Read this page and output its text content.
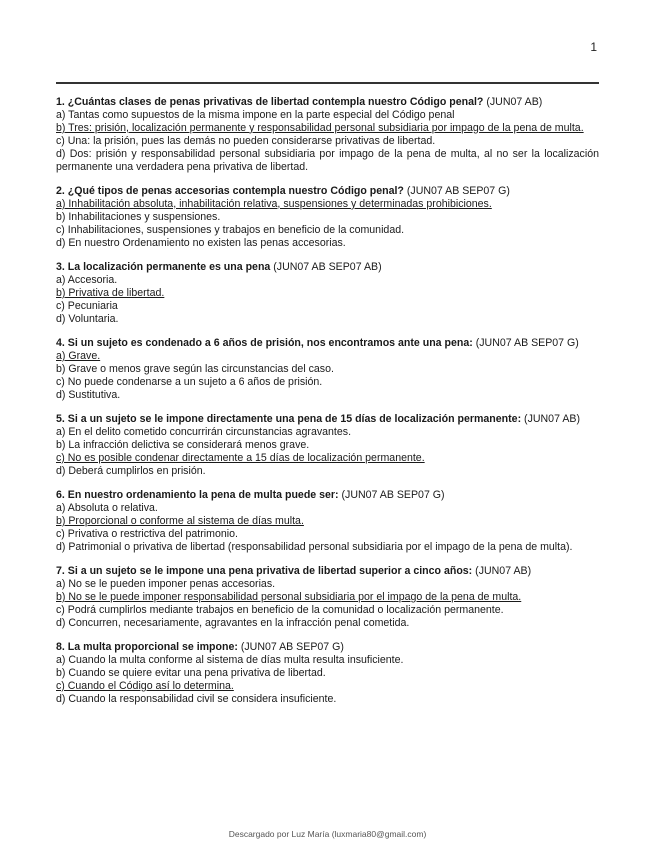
1
1. ¿Cuántas clases de penas privativas de libertad contempla nuestro Código penal? (JUN07 AB)
a) Tantas como supuestos de la misma impone en la parte especial del Código penal
b) Tres: prisión, localización permanente y responsabilidad personal subsidiaria por impago de la pena de multa.
c) Una: la prisión, pues las demás no pueden considerarse privativas de libertad.
d) Dos: prisión y responsabilidad personal subsidiaria por impago de la pena de multa, al no ser la localización permanente una verdadera pena privativa de libertad.
2. ¿Qué tipos de penas accesorias contempla nuestro Código penal? (JUN07 AB SEP07 G)
a) Inhabilitación absoluta, inhabilitación relativa, suspensiones y determinadas prohibiciones.
b) Inhabilitaciones y suspensiones.
c) Inhabilitaciones, suspensiones y trabajos en beneficio de la comunidad.
d) En nuestro Ordenamiento no existen las penas accesorias.
3. La localización permanente es una pena (JUN07 AB SEP07 AB)
a) Accesoria.
b) Privativa de libertad.
c) Pecuniaria
d) Voluntaria.
4. Si un sujeto es condenado a 6 años de prisión, nos encontramos ante una pena: (JUN07 AB SEP07 G)
a) Grave.
b) Grave o menos grave según las circunstancias del caso.
c) No puede condenarse a un sujeto a 6 años de prisión.
d) Sustitutiva.
5. Si a un sujeto se le impone directamente una pena de 15 días de localización permanente: (JUN07 AB)
a) En el delito cometido concurrirán circunstancias agravantes.
b) La infracción delictiva se considerará menos grave.
c) No es posible condenar directamente a 15 días de localización permanente.
d) Deberá cumplirlos en prisión.
6. En nuestro ordenamiento la pena de multa puede ser: (JUN07 AB SEP07 G)
a) Absoluta o relativa.
b) Proporcional o conforme al sistema de días multa.
c) Privativa o restrictiva del patrimonio.
d) Patrimonial o privativa de libertad (responsabilidad personal subsidiaria por el impago de la pena de multa).
7. Si a un sujeto se le impone una pena privativa de libertad superior a cinco años: (JUN07 AB)
a) No se le pueden imponer penas accesorias.
b) No se le puede imponer responsabilidad personal subsidiaria por el impago de la pena de multa.
c) Podrá cumplirlos mediante trabajos en beneficio de la comunidad o localización permanente.
d) Concurren, necesariamente, agravantes en la infracción penal cometida.
8. La multa proporcional se impone: (JUN07 AB SEP07 G)
a) Cuando la multa conforme al sistema de días multa resulta insuficiente.
b) Cuando se quiere evitar una pena privativa de libertad.
c) Cuando el Código así lo determina.
d) Cuando la responsabilidad civil se considera insuficiente.
Descargado por Luz María (luxmaria80@gmail.com)
